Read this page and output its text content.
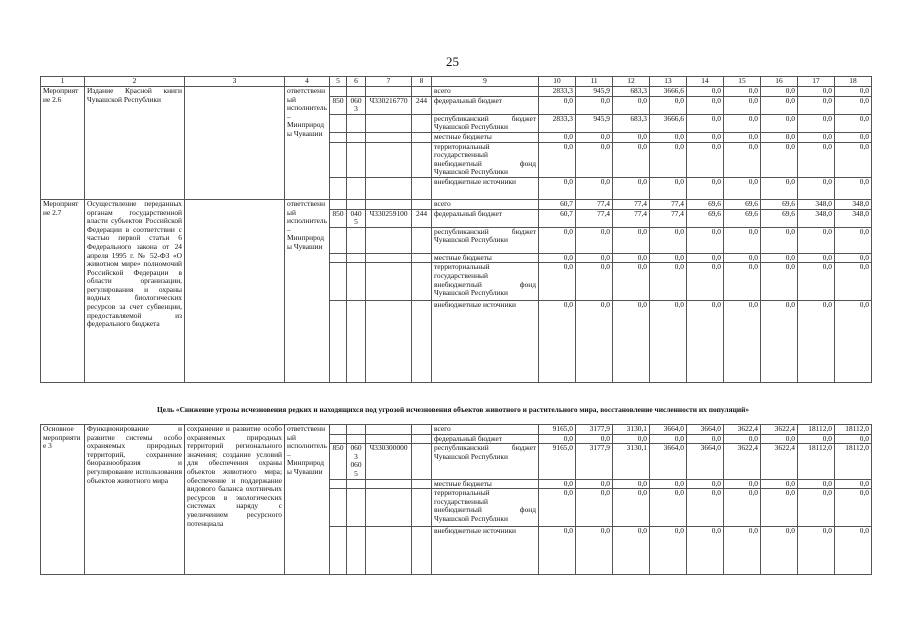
25
1	2	3	4	5	6	7	8	9	10	11	12	13	14	15	16	17	18
Мероприятие 2.6	Издание Красной книги Чувашской Республики		ответственный исполнитель – Минприроды Чувашии					всего	2833,3	945,9	683,3	3666,6	0,0	0,0	0,0	0,0	0,0
				850	0603	Ч330216770	244	федеральный бюджет	0,0	0,0	0,0	0,0	0,0	0,0	0,0	0,0	0,0
								республиканский бюджет Чувашской Республики	2833,3	945,9	683,3	3666,6	0,0	0,0	0,0	0,0	0,0
								местные бюджеты	0,0	0,0	0,0	0,0	0,0	0,0	0,0	0,0	0,0
								территориальный государственный внебюджетный фонд Чувашской Республики	0,0	0,0	0,0	0,0	0,0	0,0	0,0	0,0	0,0
								внебюджетные источники	0,0	0,0	0,0	0,0	0,0	0,0	0,0	0,0	0,0
Мероприятие 2.7	Осуществление переданных органам государственной власти субъектов Российской Федерации в соответствии с частью первой статьи 6 Федерального закона от 24 апреля 1995 г. № 52-ФЗ «О животном мире» полномочий Российской Федерации в области организации, регулирования и охраны водных биологических ресурсов за счет субвенции, предоставляемой из федерального бюджета		ответственный исполнитель – Минприроды Чувашии					всего	60,7	77,4	77,4	77,4	69,6	69,6	69,6	348,0	348,0
				850	0405	Ч330259100	244	федеральный бюджет	60,7	77,4	77,4	77,4	69,6	69,6	69,6	348,0	348,0
								республиканский бюджет Чувашской Республики	0,0	0,0	0,0	0,0	0,0	0,0	0,0	0,0	0,0
								местные бюджеты	0,0	0,0	0,0	0,0	0,0	0,0	0,0	0,0	0,0
								территориальный государственный внебюджетный фонд Чувашской Республики	0,0	0,0	0,0	0,0	0,0	0,0	0,0	0,0	0,0
								внебюджетные источники	0,0	0,0	0,0	0,0	0,0	0,0	0,0	0,0	0,0
Цель «Снижение угрозы исчезновения редких и находящихся под угрозой исчезновения объектов животного и растительного мира, восстановление численности их популяций»
Основное мероприятие 3	Функционирование и развитие системы особо охраняемых природных территорий, сохранение биоразнообразия и регулирование использования объектов животного мира	сохранение и развитие особо охраняемых природных территорий регионального значения; создание условий для обеспечения охраны объектов животного мира; обеспечение и поддержание видового баланса охотничьих ресурсов в экологических системах наряду с увеличением ресурсного потенциала	ответственный исполнитель – Минприроды Чувашии					всего	9165,0	3177,9	3130,1	3664,0	3664,0	3622,4	3622,4	18112,0	18112,0
								федеральный бюджет	0,0	0,0	0,0	0,0	0,0	0,0	0,0	0,0	0,0
				850	0603 0605	Ч330300000		республиканский бюджет Чувашской Республики	9165,0	3177,9	3130,1	3664,0	3664,0	3622,4	3622,4	18112,0	18112,0
								местные бюджеты	0,0	0,0	0,0	0,0	0,0	0,0	0,0	0,0	0,0
								территориальный государственный внебюджетный фонд Чувашской Республики	0,0	0,0	0,0	0,0	0,0	0,0	0,0	0,0	0,0
								внебюджетные источники	0,0	0,0	0,0	0,0	0,0	0,0	0,0	0,0	0,0
